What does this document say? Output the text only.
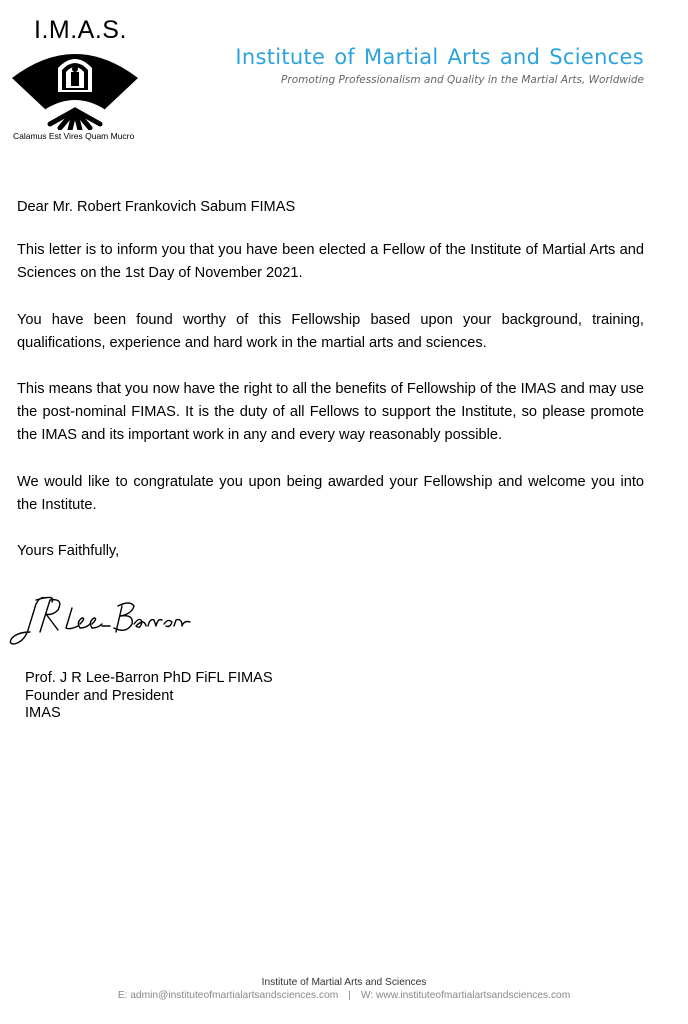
I.M.A.S.
Calamus Est Vires Quam Mucro
Institute of Martial Arts and Sciences
Promoting Professionalism and Quality in the Martial Arts, Worldwide

Dear Mr. Robert Frankovich Sabum FIMAS

This letter is to inform you that you have been elected a Fellow of the Institute of Martial Arts and Sciences on the 1st Day of November 2021.

You have been found worthy of this Fellowship based upon your background, training, qualifications, experience and hard work in the martial arts and sciences.

This means that you now have the right to all the benefits of Fellowship of the IMAS and may use the post-nominal FIMAS. It is the duty of all Fellows to support the Institute, so please promote the IMAS and its important work in any and every way reasonably possible.

We would like to congratulate you upon being awarded your Fellowship and welcome you into the Institute.

Yours Faithfully,

Prof. J R Lee-Barron PhD FiFL FIMAS
Founder and President
IMAS
Institute of Martial Arts and Sciences
E: admin@instituteofmartialartsandsciences.com | W: www.instituteofmartialartsandsciences.com
